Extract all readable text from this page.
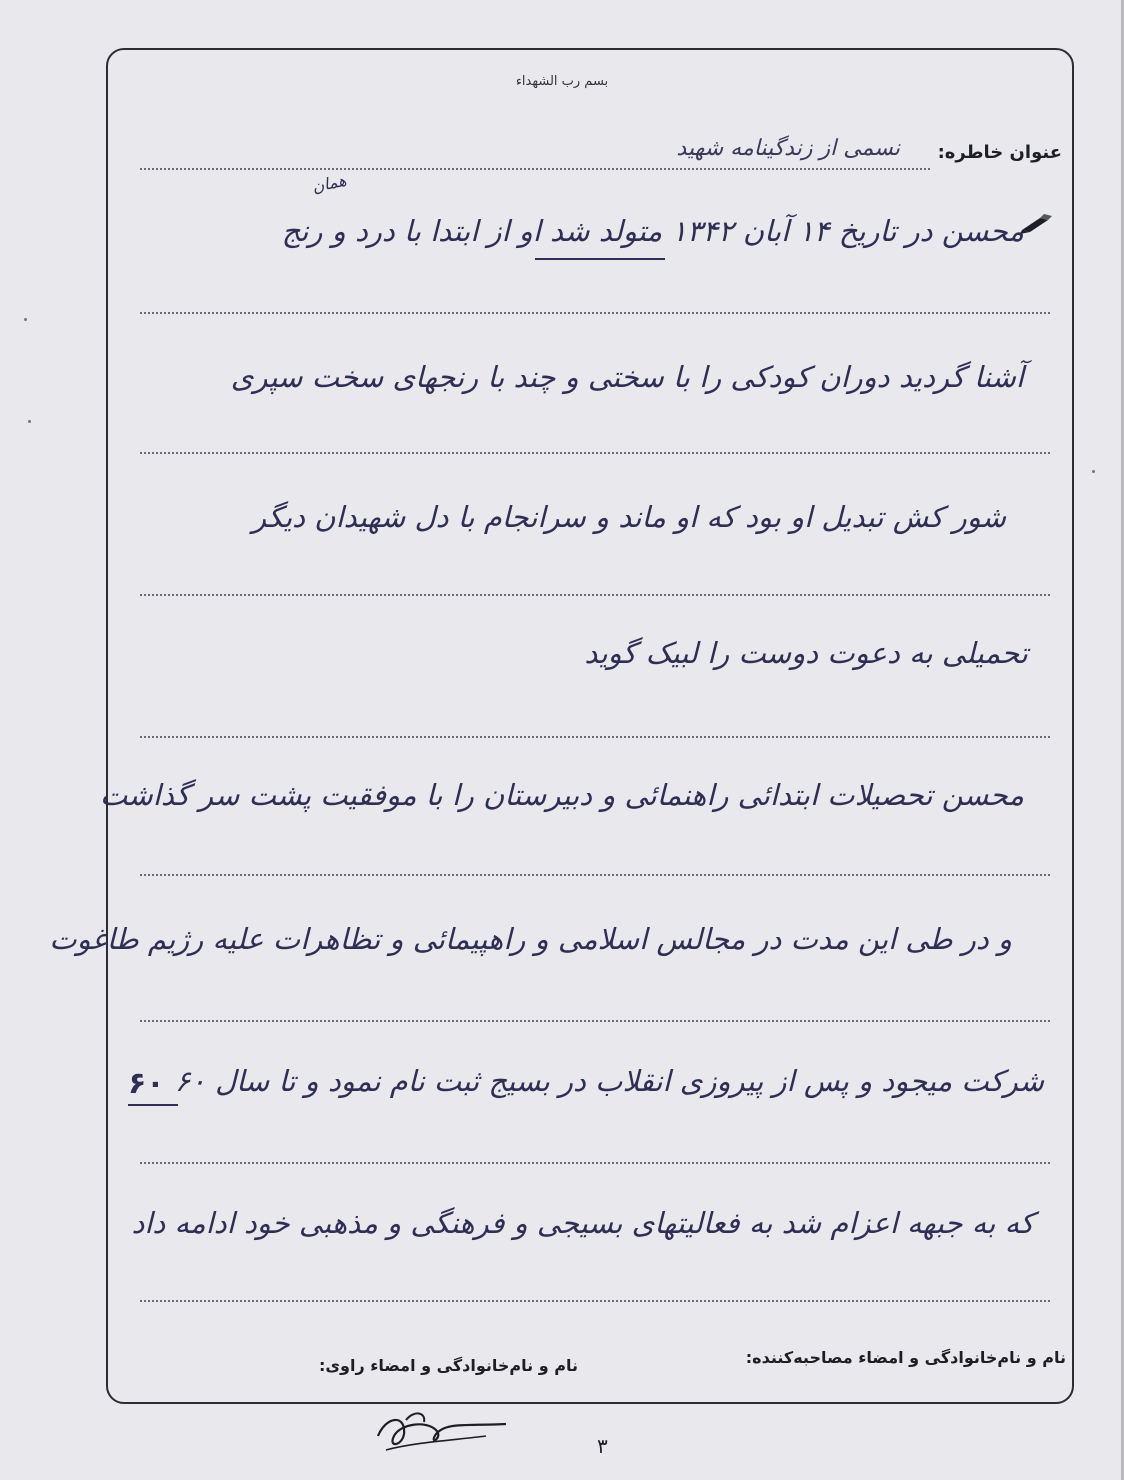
بسم رب الشهداء
عنوان خاطره:
نسمی از زندگینامه شهید
محسن در تاریخ ۱۴ آبان ۱۳۴۲ متولد شد او از ابتدا با درد و رنج
همان
آشنا گردید دوران کودکی را با سختی و چند با رنجهای سخت سپری
شور کش تبدیل او بود که او ماند و سرانجام با دل شهیدان دیگر
تحمیلی به دعوت دوست را لبیک گوید
محسن تحصیلات ابتدائی راهنمائی و دبیرستان را با موفقیت پشت سر گذاشت
و در طی این مدت در مجالس اسلامی و راهپیمائی و تظاهرات علیه رژیم طاغوت
شرکت میجود و پس از پیروزی انقلاب در بسیج ثبت نام نمود و تا سال ۶۰
۶۰
که به جبهه اعزام شد به فعالیتهای بسیجی و فرهنگی و مذهبی خود ادامه داد
نام و نام‌خانوادگی و امضاء مصاحبه‌کننده:
نام و نام‌خانوادگی و امضاء راوی:
۳
